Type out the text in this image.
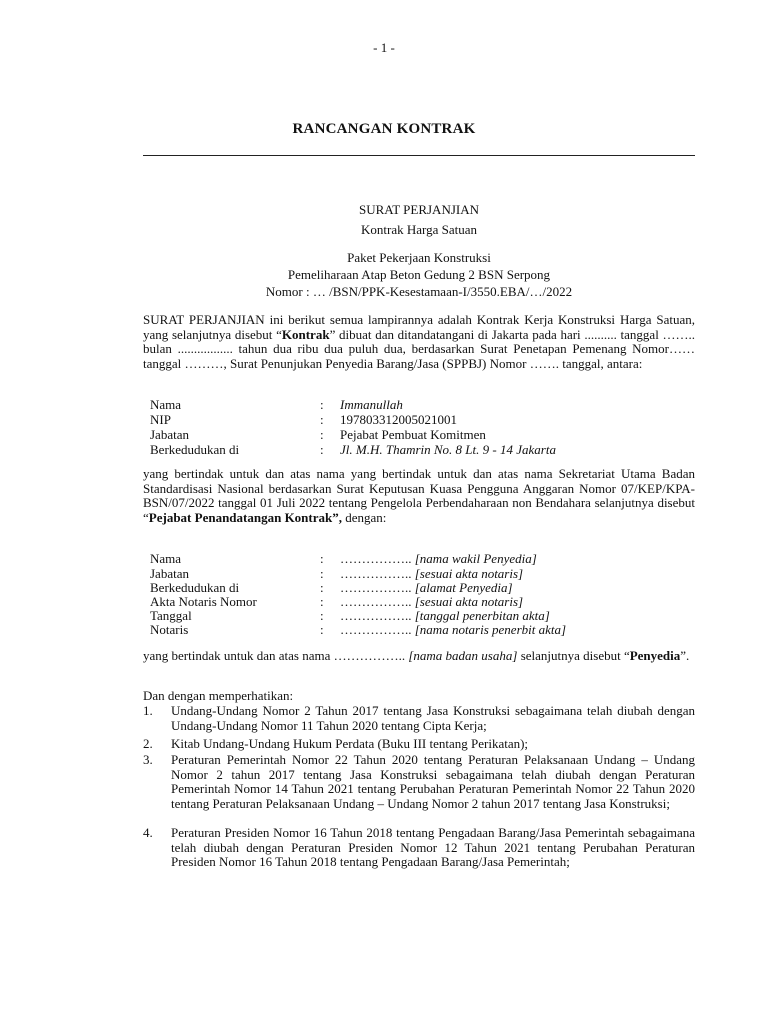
- 1 -
RANCANGAN KONTRAK
SURAT PERJANJIAN
Kontrak Harga Satuan
Paket Pekerjaan Konstruksi
Pemeliharaan Atap Beton Gedung 2 BSN Serpong
Nomor : … /BSN/PPK-Kesestamaan-I/3550.EBA/…/2022
SURAT PERJANJIAN ini berikut semua lampirannya adalah Kontrak Kerja Konstruksi Harga Satuan, yang selanjutnya disebut “Kontrak” dibuat dan ditandatangani di Jakarta pada hari .......... tanggal …….. bulan ................. tahun dua ribu dua puluh dua, berdasarkan Surat Penetapan Pemenang Nomor…… tanggal ………, Surat Penunjukan Penyedia Barang/Jasa (SPPBJ) Nomor ……. tanggal, antara:
Nama	: Immanullah
NIP	: 197803312005021001
Jabatan	: Pejabat Pembuat Komitmen
Berkedudukan di	: Jl. M.H. Thamrin No. 8 Lt. 9 - 14 Jakarta
yang bertindak untuk dan atas nama yang bertindak untuk dan atas nama Sekretariat Utama Badan Standardisasi Nasional berdasarkan Surat Keputusan Kuasa Pengguna Anggaran Nomor 07/KEP/KPA-BSN/07/2022 tanggal 01 Juli 2022 tentang Pengelola Perbendaharaan non Bendahara selanjutnya disebut “Pejabat Penandatangan Kontrak”, dengan:
Nama	: …………….. [nama wakil Penyedia]
Jabatan	: …………….. [sesuai akta notaris]
Berkedudukan di	: …………….. [alamat Penyedia]
Akta Notaris Nomor	: …………….. [sesuai akta notaris]
Tanggal	: …………….. [tanggal penerbitan akta]
Notaris	: …………….. [nama notaris penerbit akta]
yang bertindak untuk dan atas nama …………….. [nama badan usaha] selanjutnya disebut “Penyedia”.
Dan dengan memperhatikan:
1. Undang-Undang Nomor 2 Tahun 2017 tentang Jasa Konstruksi sebagaimana telah diubah dengan Undang-Undang Nomor 11 Tahun 2020 tentang Cipta Kerja;
2. Kitab Undang-Undang Hukum Perdata (Buku III tentang Perikatan);
3. Peraturan Pemerintah Nomor 22 Tahun 2020 tentang Peraturan Pelaksanaan Undang – Undang Nomor 2 tahun 2017 tentang Jasa Konstruksi sebagaimana telah diubah dengan Peraturan Pemerintah Nomor 14 Tahun 2021 tentang Perubahan Peraturan Pemerintah Nomor 22 Tahun 2020 tentang Peraturan Pelaksanaan Undang – Undang Nomor 2 tahun 2017 tentang Jasa Konstruksi;
4. Peraturan Presiden Nomor 16 Tahun 2018 tentang Pengadaan Barang/Jasa Pemerintah sebagaimana telah diubah dengan Peraturan Presiden Nomor 12 Tahun 2021 tentang Perubahan Peraturan Presiden Nomor 16 Tahun 2018 tentang Pengadaan Barang/Jasa Pemerintah;
